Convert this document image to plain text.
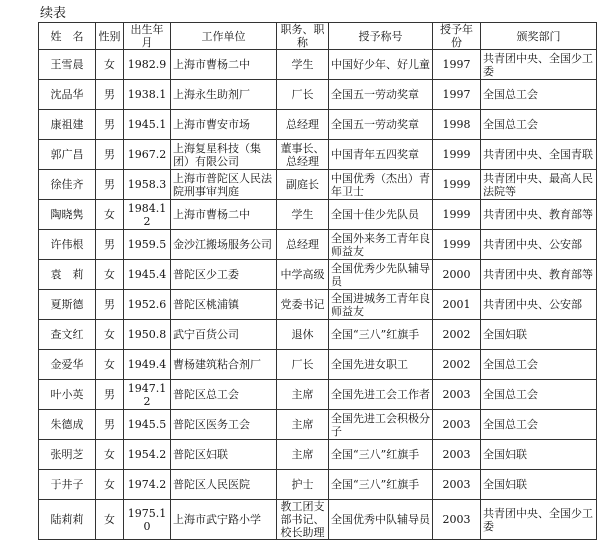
续表
姓　名	性别	出生年月	工作单位	职务、职称	授予称号	授予年份	颁奖部门
王雪晨	女	1982.9	上海市曹杨二中	学生	中国好少年、好儿童	1997	共青团中央、全国少工委
沈品华	男	1938.1	上海永生助剂厂	厂长	全国五一劳动奖章	1997	全国总工会
康祖建	男	1945.1	上海市曹安市场	总经理	全国五一劳动奖章	1998	全国总工会
郭广昌	男	1967.2	上海复星科技（集团）有限公司	董事长、总经理	中国青年五四奖章	1999	共青团中央、全国青联
徐佳齐	男	1958.3	上海市普陀区人民法院刑事审判庭	副庭长	中国优秀（杰出）青年卫士	1999	共青团中央、最高人民法院等
陶晓隽	女	1984.12	上海市曹杨二中	学生	全国十佳少先队员	1999	共青团中央、教育部等
许伟根	男	1959.5	金沙江搬场服务公司	总经理	全国外来务工青年良师益友	1999	共青团中央、公安部
袁　莉	女	1945.4	普陀区少工委	中学高级	全国优秀少先队辅导员	2000	共青团中央、教育部等
夏斯德	男	1952.6	普陀区桃浦镇	党委书记	全国进城务工青年良师益友	2001	共青团中央、公安部
查文红	女	1950.8	武宁百货公司	退休	全国“三八”红旗手	2002	全国妇联
金爱华	女	1949.4	曹杨建筑粘合剂厂	厂长	全国先进女职工	2002	全国总工会
叶小英	男	1947.12	普陀区总工会	主席	全国先进工会工作者	2003	全国总工会
朱德成	男	1945.5	普陀区医务工会	主席	全国先进工会积极分子	2003	全国总工会
张明芝	女	1954.2	普陀区妇联	主席	全国“三八”红旗手	2003	全国妇联
于井子	女	1974.2	普陀区人民医院	护士	全国“三八”红旗手	2003	全国妇联
陆莉莉	女	1975.10	上海市武宁路小学	教工团支部书记、校长助理	全国优秀中队辅导员	2003	共青团中央、全国少工委
